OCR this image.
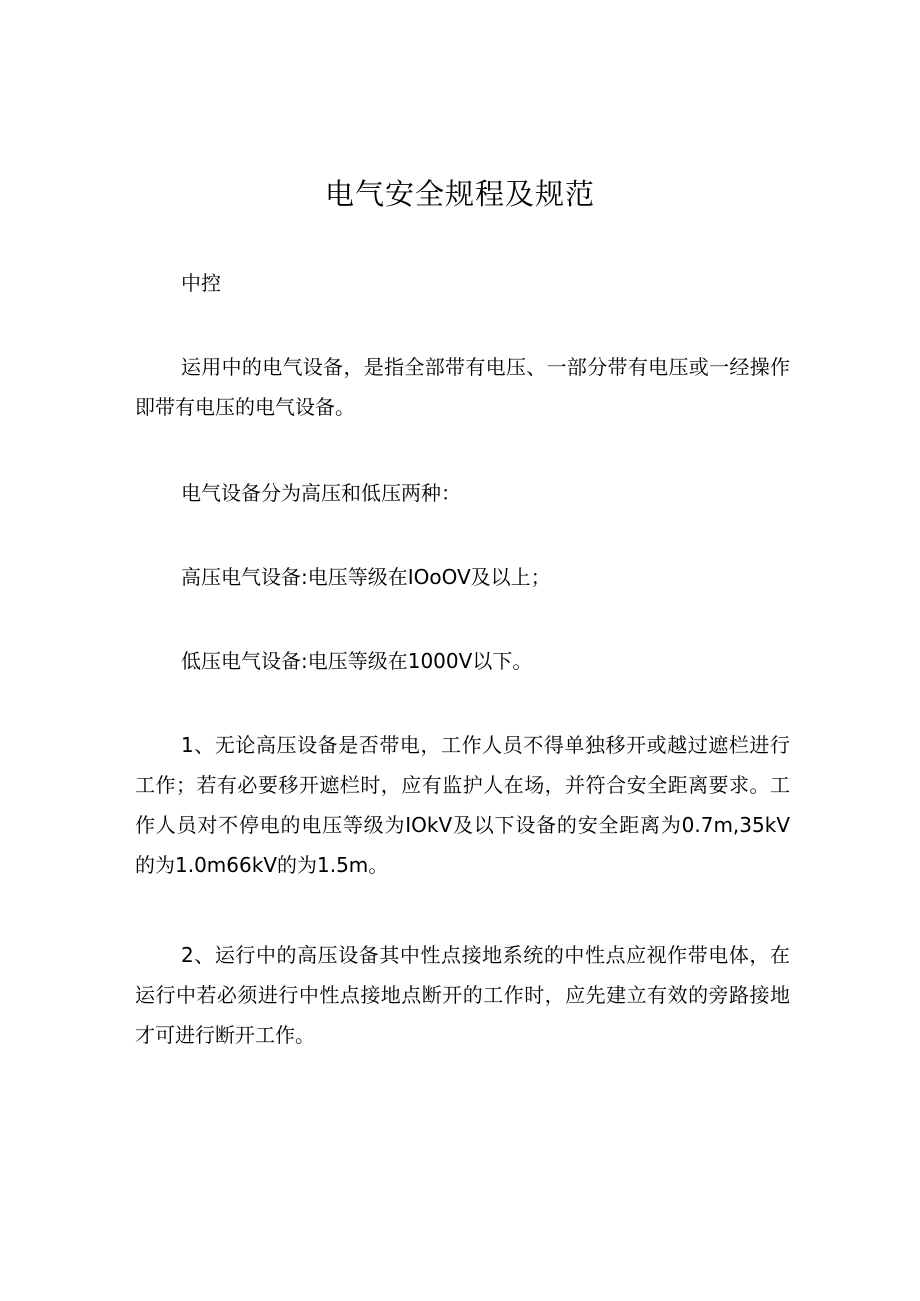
电气安全规程及规范

中控

运用中的电气设备，是指全部带有电压、一部分带有电压或一经操作即带有电压的电气设备。

电气设备分为高压和低压两种：

高压电气设备:电压等级在IOoOV及以上；

低压电气设备:电压等级在1000V以下。

1、无论高压设备是否带电，工作人员不得单独移开或越过遮栏进行工作；若有必要移开遮栏时，应有监护人在场，并符合安全距离要求。工作人员对不停电的电压等级为IOkV及以下设备的安全距离为0.7m,35kV的为1.0m66kV的为1.5m。

2、运行中的高压设备其中性点接地系统的中性点应视作带电体，在运行中若必须进行中性点接地点断开的工作时，应先建立有效的旁路接地才可进行断开工作。
